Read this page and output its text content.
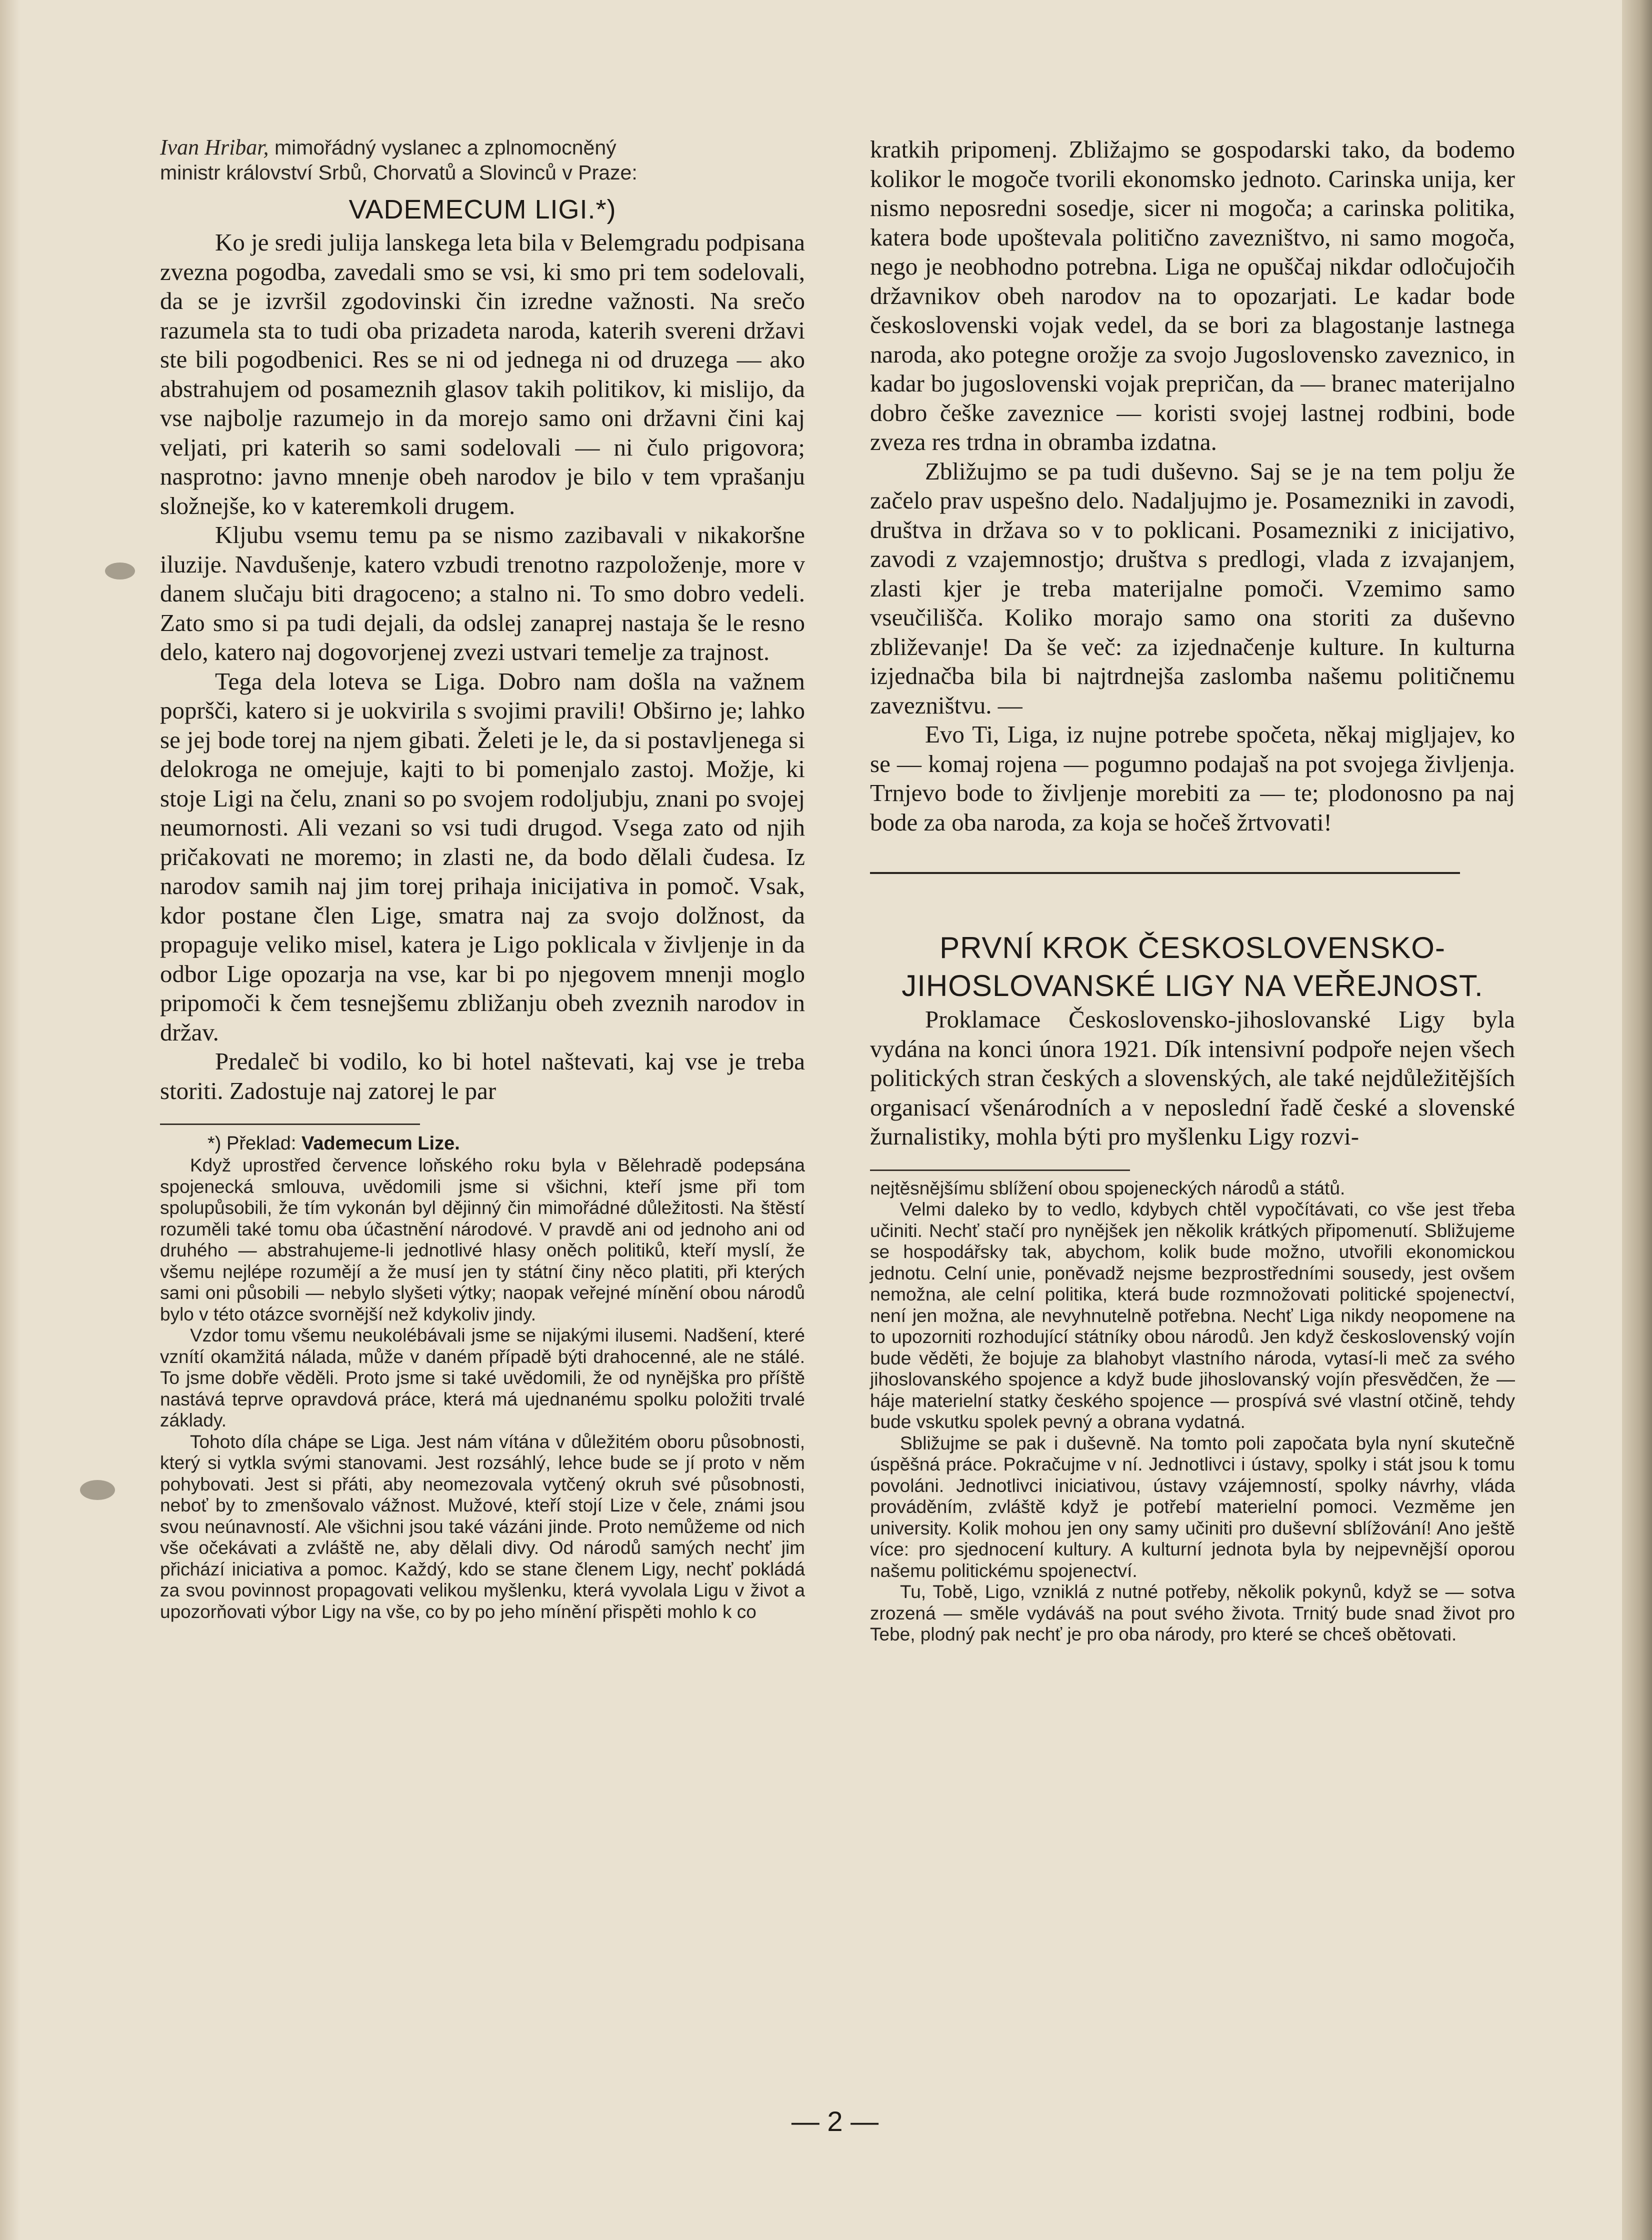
Ivan Hribar, mimořádný vyslanec a zplnomocněný
ministr království Srbů, Chorvatů a Slovinců v Praze:

VADEMECUM LIGI.*)

Ko je sredi julija lanskega leta bila v Belemgradu podpisana zvezna pogodba, zavedali smo se vsi, ki smo pri tem sodelovali, da se je izvršil zgodovinski čin izredne važnosti. Na srečo razumela sta to tudi oba prizadeta naroda, katerih svereni državi ste bili pogodbenici. Res se ni od jednega ni od druzega — ako abstrahujem od posameznih glasov takih politikov, ki mislijo, da vse najbolje razumejo in da morejo samo oni državni čini kaj veljati, pri katerih so sami sodelovali — ni čulo prigovora; nasprotno: javno mnenje obeh narodov je bilo v tem vprašanju složnejše, ko v kateremkoli drugem.

Kljubu vsemu temu pa se nismo zazibavali v nikakoršne iluzije. Navdušenje, katero vzbudi trenotno razpoloženje, more v danem slučaju biti dragoceno; a stalno ni. To smo dobro vedeli. Zato smo si pa tudi dejali, da odslej zanaprej nastaja še le resno delo, katero naj dogovorjenej zvezi ustvari temelje za trajnost.

Tega dela loteva se Liga. Dobro nam došla na važnem popršči, katero si je uokvirila s svojimi pravili! Obširno je; lahko se jej bode torej na njem gibati. Želeti je le, da si postavljenega si delokroga ne omejuje, kajti to bi pomenjalo zastoj. Možje, ki stoje Ligi na čelu, znani so po svojem rodoljubju, znani po svojej neumornosti. Ali vezani so vsi tudi drugod. Vsega zato od njih pričakovati ne moremo; in zlasti ne, da bodo dělali čudesa. Iz narodov samih naj jim torej prihaja inicijativa in pomoč. Vsak, kdor postane člen Lige, smatra naj za svojo dolžnost, da propaguje veliko misel, katera je Ligo poklicala v življenje in da odbor Lige opozarja na vse, kar bi po njegovem mnenji moglo pripomoči k čem tesnejšemu zbližanju obeh zveznih narodov in držav.

Predaleč bi vodilo, ko bi hotel naštevati, kaj vse je treba storiti. Zadostuje naj zatorej le par

*) Překlad: Vademecum Lize.

Když uprostřed července loňského roku byla v Bělehradě podepsána spojenecká smlouva, uvědomili jsme si všichni, kteří jsme při tom spolupůsobili, že tím vykonán byl dějinný čin mimořádné důležitosti. Na štěstí rozuměli také tomu oba účastnění národové. V pravdě ani od jednoho ani od druhého — abstrahujeme-li jednotlivé hlasy oněch politiků, kteří myslí, že všemu nejlépe rozumějí a že musí jen ty státní činy něco platiti, při kterých sami oni působili — nebylo slyšeti výtky; naopak veřejné mínění obou národů bylo v této otázce svornější než kdykoliv jindy.

Vzdor tomu všemu neukolébávali jsme se nijakými ilusemi. Nadšení, které vznítí okamžitá nálada, může v daném případě býti drahocenné, ale ne stálé. To jsme dobře věděli. Proto jsme si také uvědomili, že od nynějška pro příště nastává teprve opravdová práce, která má ujednanému spolku položiti trvalé základy.

Tohoto díla chápe se Liga. Jest nám vítána v důležitém oboru působnosti, který si vytkla svými stanovami. Jest rozsáhlý, lehce bude se jí proto v něm pohybovati. Jest si přáti, aby neomezovala vytčený okruh své působnosti, neboť by to zmenšovalo vážnost. Mužové, kteří stojí Lize v čele, známi jsou svou neúnavností. Ale všichni jsou také vázáni jinde. Proto nemůžeme od nich vše očekávati a zvláště ne, aby dělali divy. Od národů samých nechť jim přichází iniciativa a pomoc. Každý, kdo se stane členem Ligy, nechť pokládá za svou povinnost propagovati velikou myšlenku, která vyvolala Ligu v život a upozorňovati výbor Ligy na vše, co by po jeho mínění přispěti mohlo k co

kratkih pripomenj. Zbližajmo se gospodarski tako, da bodemo kolikor le mogoče tvorili ekonomsko jednoto. Carinska unija, ker nismo neposredni sosedje, sicer ni mogoča; a carinska politika, katera bode upoštevala politično zavezništvo, ni samo mogoča, nego je neobhodno potrebna. Liga ne opuščaj nikdar odločujočih državnikov obeh narodov na to opozarjati. Le kadar bode československi vojak vedel, da se bori za blagostanje lastnega naroda, ako potegne orožje za svojo Jugoslovensko zaveznico, in kadar bo jugoslovenski vojak prepričan, da — branec materijalno dobro češke zaveznice — koristi svojej lastnej rodbini, bode zveza res trdna in obramba izdatna.

Zbližujmo se pa tudi duševno. Saj se je na tem polju že začelo prav uspešno delo. Nadaljujmo je. Posamezniki in zavodi, društva in država so v to poklicani. Posamezniki z inicijativo, zavodi z vzajemnostjo; društva s predlogi, vlada z izvajanjem, zlasti kjer je treba materijalne pomoči. Vzemimo samo vseučilišča. Koliko morajo samo ona storiti za duševno zbliževanje! Da še več: za izjednačenje kulture. In kulturna izjednačba bila bi najtrdnejša zaslomba našemu političnemu zavezništvu. —

Evo Ti, Liga, iz nujne potrebe spočeta, někaj migljajev, ko se — komaj rojena — pogumno podajaš na pot svojega življenja. Trnjevo bode to življenje morebiti za — te; plodonosno pa naj bode za oba naroda, za koja se hočeš žrtvovati!

PRVNÍ KROK ČESKOSLOVENSKO-
JIHOSLOVANSKÉ LIGY NA VEŘEJNOST.

Proklamace Československo-jihoslovanské Ligy byla vydána na konci února 1921. Dík intensivní podpoře nejen všech politických stran českých a slovenských, ale také nejdůležitějších organisací všenárodních a v neposlední řadě české a slovenské žurnalistiky, mohla býti pro myšlenku Ligy rozvi-

nejtěsnějšímu sblížení obou spojeneckých národů a států.

Velmi daleko by to vedlo, kdybych chtěl vypočítávati, co vše jest třeba učiniti. Nechť stačí pro nynějšek jen několik krátkých připomenutí. Sbližujeme se hospodářsky tak, abychom, kolik bude možno, utvořili ekonomickou jednotu. Celní unie, poněvadž nejsme bezprostředními sousedy, jest ovšem nemožna, ale celní politika, která bude rozmnožovati politické spojenectví, není jen možna, ale nevyhnutelně potřebna. Nechť Liga nikdy neopomene na to upozorniti rozhodující státníky obou národů. Jen když československý vojín bude věděti, že bojuje za blahobyt vlastního národa, vytasí-li meč za svého jihoslovanského spojence a když bude jihoslovanský vojín přesvědčen, že — háje materielní statky českého spojence — prospívá své vlastní otčině, tehdy bude vskutku spolek pevný a obrana vydatná.

Sbližujme se pak i duševně. Na tomto poli započata byla nyní skutečně úspěšná práce. Pokračujme v ní. Jednotlivci i ústavy, spolky i stát jsou k tomu povoláni. Jednotlivci iniciativou, ústavy vzájemností, spolky návrhy, vláda prováděním, zvláště když je potřebí materielní pomoci. Vezměme jen university. Kolik mohou jen ony samy učiniti pro duševní sblížování! Ano ještě více: pro sjednocení kultury. A kulturní jednota byla by nejpevnější oporou našemu politickému spojenectví.

Tu, Tobě, Ligo, vzniklá z nutné potřeby, několik pokynů, když se — sotva zrozená — směle vydáváš na pout svého života. Trnitý bude snad život pro Tebe, plodný pak nechť je pro oba národy, pro které se chceš obětovati.

— 2 —
